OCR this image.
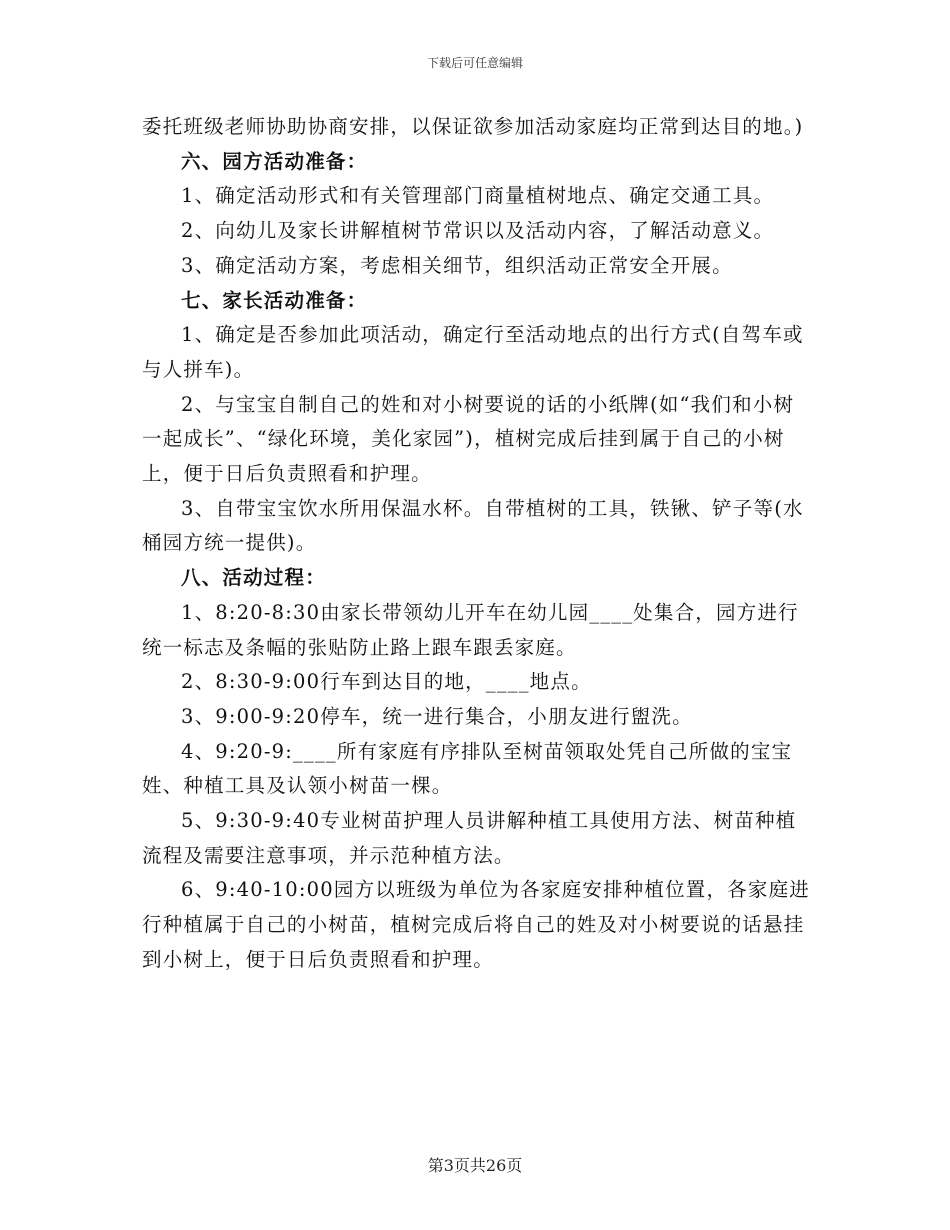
下载后可任意编辑

委托班级老师协助协商安排，以保证欲参加活动家庭均正常到达目的地。)

六、园方活动准备：

1、确定活动形式和有关管理部门商量植树地点、确定交通工具。

2、向幼儿及家长讲解植树节常识以及活动内容，了解活动意义。

3、确定活动方案，考虑相关细节，组织活动正常安全开展。

七、家长活动准备：

1、确定是否参加此项活动，确定行至活动地点的出行方式(自驾车或与人拼车)。

2、与宝宝自制自己的姓和对小树要说的话的小纸牌(如“我们和小树一起成长”、“绿化环境，美化家园”)，植树完成后挂到属于自己的小树上，便于日后负责照看和护理。

3、自带宝宝饮水所用保温水杯。自带植树的工具，铁锹、铲子等(水桶园方统一提供)。

八、活动过程：

1、8:20-8:30由家长带领幼儿开车在幼儿园____处集合，园方进行统一标志及条幅的张贴防止路上跟车跟丢家庭。

2、8:30-9:00行车到达目的地，____地点。

3、9:00-9:20停车，统一进行集合，小朋友进行盥洗。

4、9:20-9:____所有家庭有序排队至树苗领取处凭自己所做的宝宝姓、种植工具及认领小树苗一棵。

5、9:30-9:40专业树苗护理人员讲解种植工具使用方法、树苗种植流程及需要注意事项，并示范种植方法。

6、9:40-10:00园方以班级为单位为各家庭安排种植位置，各家庭进行种植属于自己的小树苗，植树完成后将自己的姓及对小树要说的话悬挂到小树上，便于日后负责照看和护理。

第3页共26页
